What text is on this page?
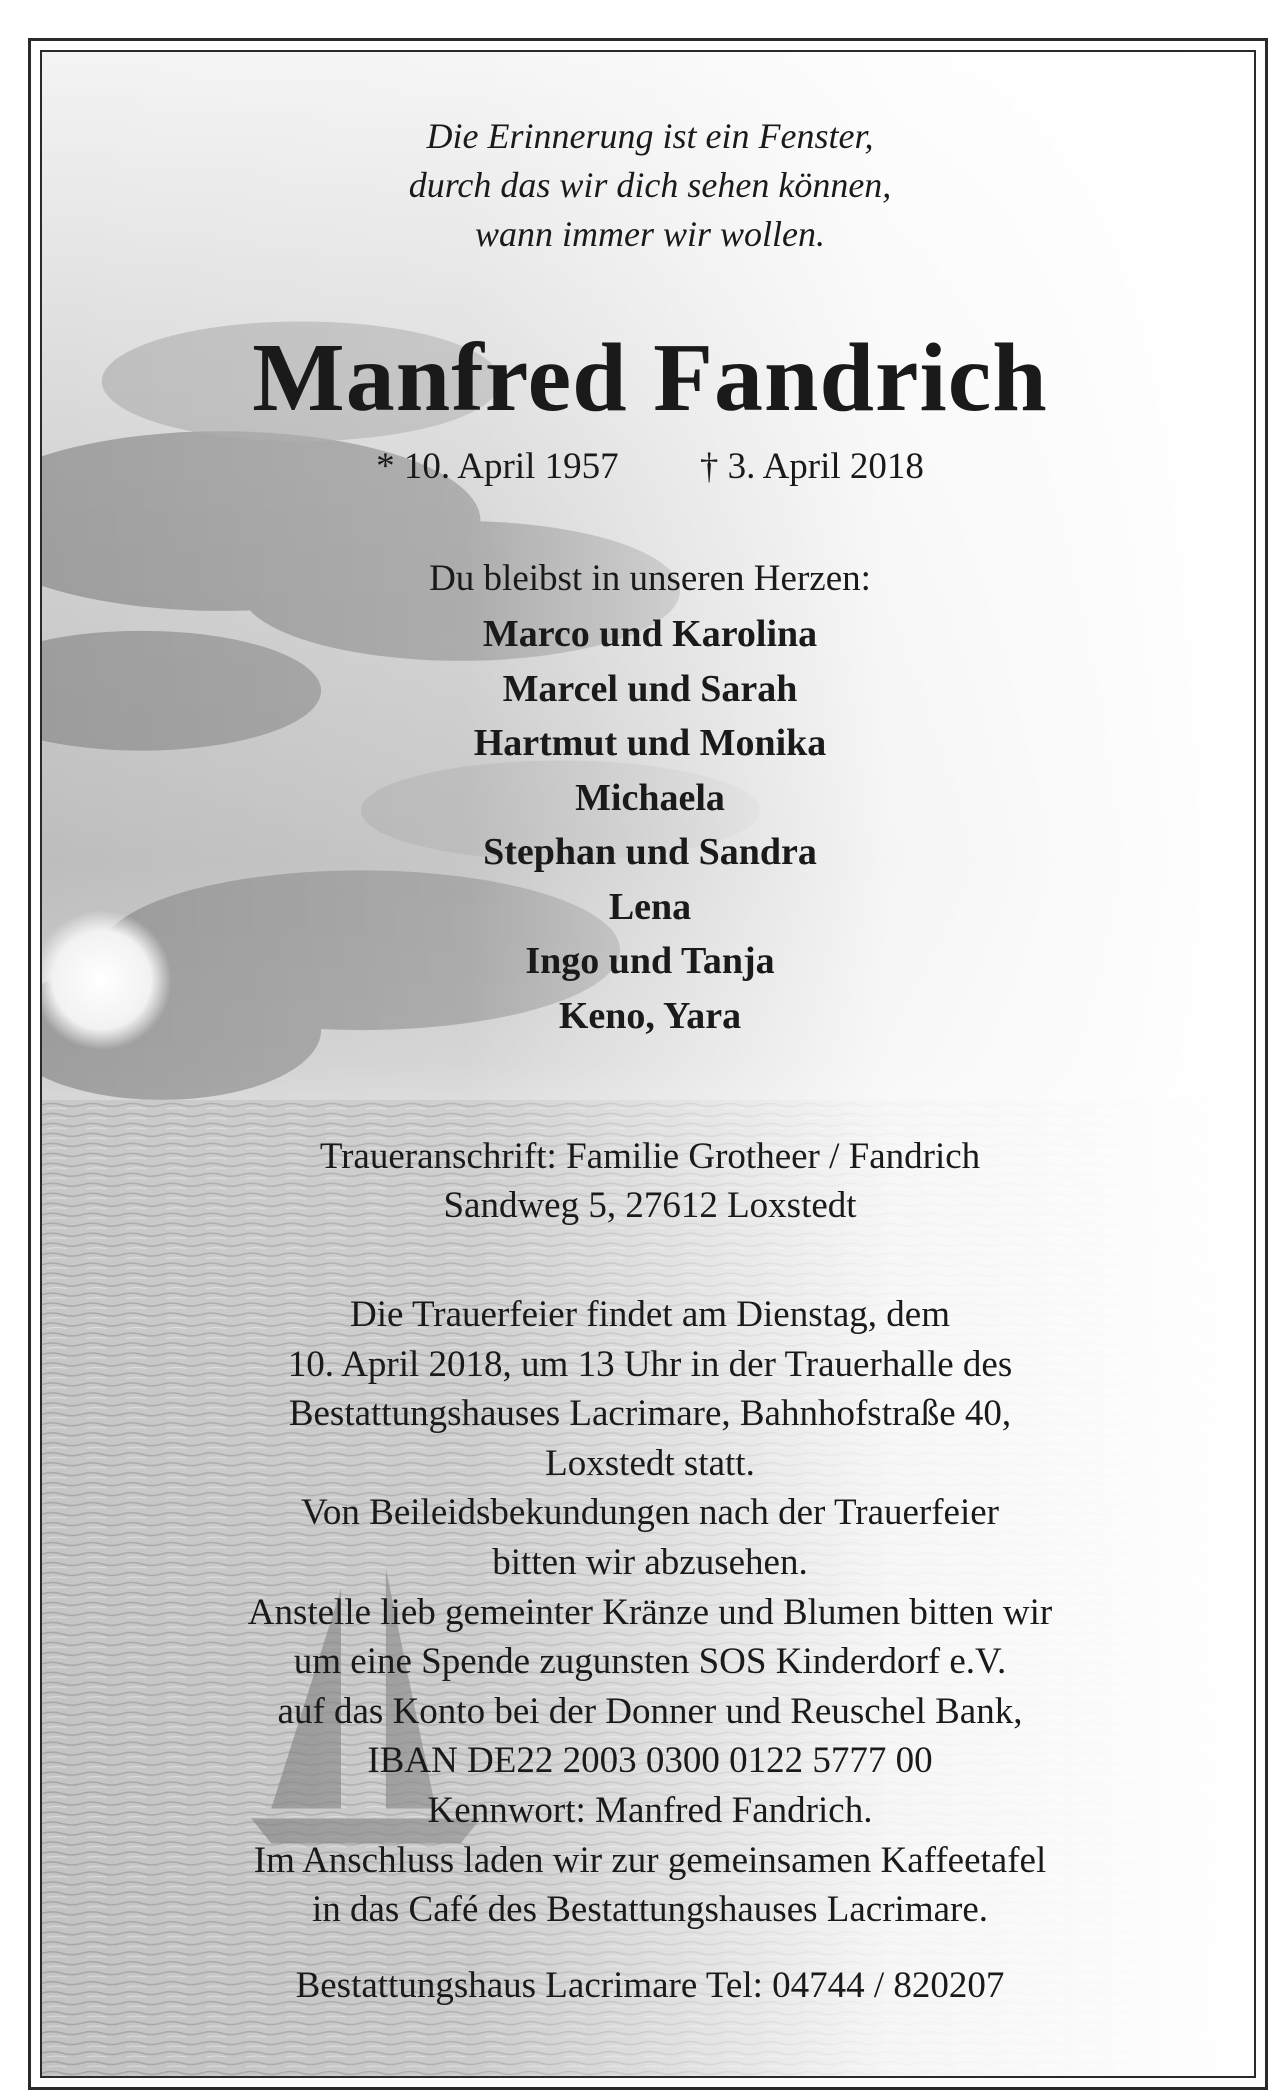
Die Erinnerung ist ein Fenster,
durch das wir dich sehen können,
wann immer wir wollen.
Manfred Fandrich
* 10. April 1957 † 3. April 2018
Du bleibst in unseren Herzen:
Marco und Karolina
Marcel und Sarah
Hartmut und Monika
Michaela
Stephan und Sandra
Lena
Ingo und Tanja
Keno, Yara
Traueranschrift: Familie Grotheer / Fandrich
Sandweg 5, 27612 Loxstedt
Die Trauerfeier findet am Dienstag, dem
10. April 2018, um 13 Uhr in der Trauerhalle des
Bestattungshauses Lacrimare, Bahnhofstraße 40,
Loxstedt statt.
Von Beileidsbekundungen nach der Trauerfeier
bitten wir abzusehen.
Anstelle lieb gemeinter Kränze und Blumen bitten wir
um eine Spende zugunsten SOS Kinderdorf e.V.
auf das Konto bei der Donner und Reuschel Bank,
IBAN DE22 2003 0300 0122 5777 00
Kennwort: Manfred Fandrich.
Im Anschluss laden wir zur gemeinsamen Kaffeetafel
in das Café des Bestattungshauses Lacrimare.
Bestattungshaus Lacrimare Tel: 04744 / 820207
